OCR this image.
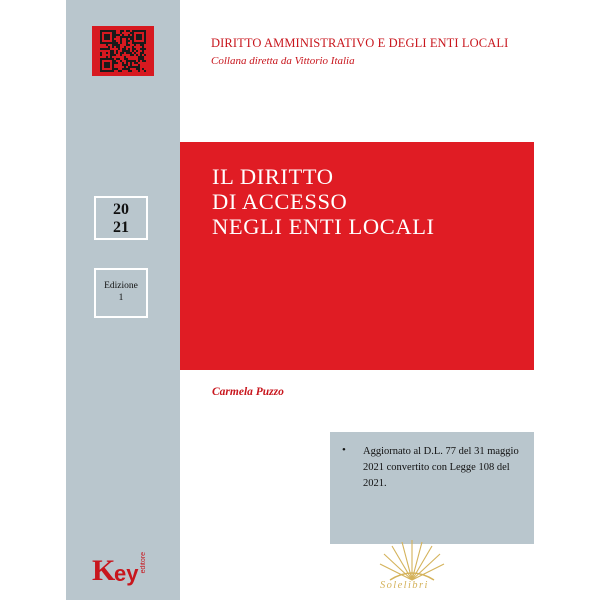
DIRITTO AMMINISTRATIVO E DEGLI ENTI LOCALI
Collana diretta da Vittorio Italia
IL DIRITTO
DI ACCESSO
NEGLI ENTI LOCALI
20
21
Edizione
1
Carmela Puzzo
• Aggiornato al D.L. 77 del 31 maggio 2021 convertito con Legge 108 del 2021.
K
ey editore
Solelibri
